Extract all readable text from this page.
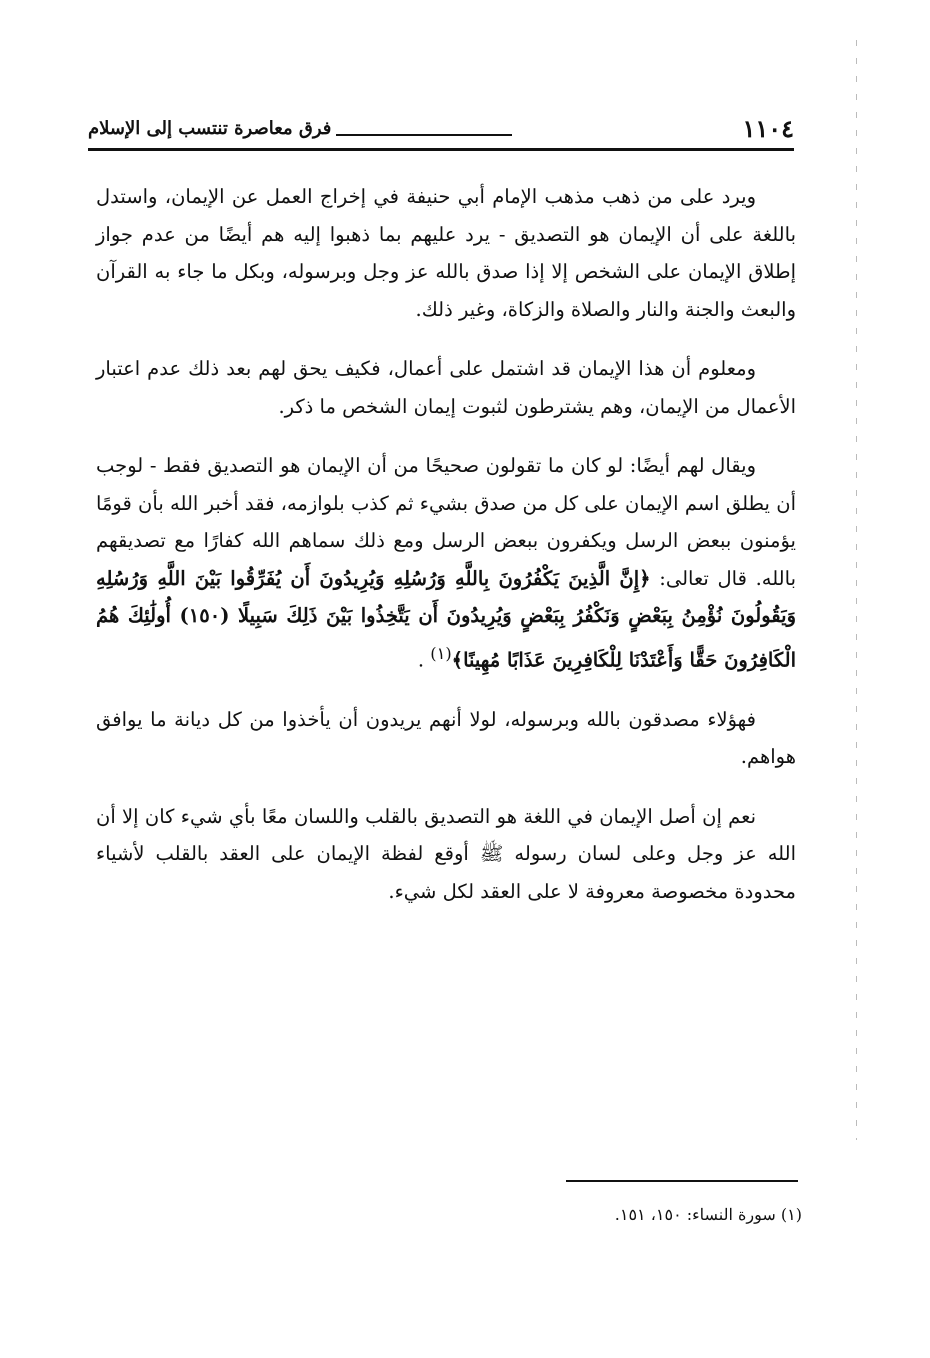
١١٠٤
فرق معاصرة تنتسب إلى الإسلام

ويرد على من ذهب مذهب الإمام أبي حنيفة في إخراج العمل عن الإيمان، واستدل باللغة على أن الإيمان هو التصديق - يرد عليهم بما ذهبوا إليه هم أيضًا من عدم جواز إطلاق الإيمان على الشخص إلا إذا صدق بالله عز وجل وبرسوله، وبكل ما جاء به القرآن والبعث والجنة والنار والصلاة والزكاة، وغير ذلك.

ومعلوم أن هذا الإيمان قد اشتمل على أعمال، فكيف يحق لهم بعد ذلك عدم اعتبار الأعمال من الإيمان، وهم يشترطون لثبوت إيمان الشخص ما ذكر.

ويقال لهم أيضًا: لو كان ما تقولون صحيحًا من أن الإيمان هو التصديق فقط - لوجب أن يطلق اسم الإيمان على كل من صدق بشيء ثم كذب بلوازمه، فقد أخبر الله بأن قومًا يؤمنون ببعض الرسل ويكفرون ببعض الرسل ومع ذلك سماهم الله كفارًا مع تصديقهم بالله. قال تعالى: ﴿إِنَّ الَّذِينَ يَكْفُرُونَ بِاللَّهِ وَرُسُلِهِ وَيُرِيدُونَ أَن يُفَرِّقُوا بَيْنَ اللَّهِ وَرُسُلِهِ وَيَقُولُونَ نُؤْمِنُ بِبَعْضٍ وَنَكْفُرُ بِبَعْضٍ وَيُرِيدُونَ أَن يَتَّخِذُوا بَيْنَ ذَلِكَ سَبِيلًا (١٥٠) أُولَٰئِكَ هُمُ الْكَافِرُونَ حَقًّا وَأَعْتَدْنَا لِلْكَافِرِينَ عَذَابًا مُهِينًا﴾$^{(١)}$ .

فهؤلاء مصدقون بالله وبرسوله، لولا أنهم يريدون أن يأخذوا من كل ديانة ما يوافق هواهم.

نعم إن أصل الإيمان في اللغة هو التصديق بالقلب واللسان معًا بأي شيء كان إلا أن الله عز وجل وعلى لسان رسوله ﷺ أوقع لفظة الإيمان على العقد بالقلب لأشياء محدودة مخصوصة معروفة لا على العقد لكل شيء.

(١) سورة النساء: ١٥٠، ١٥١.
